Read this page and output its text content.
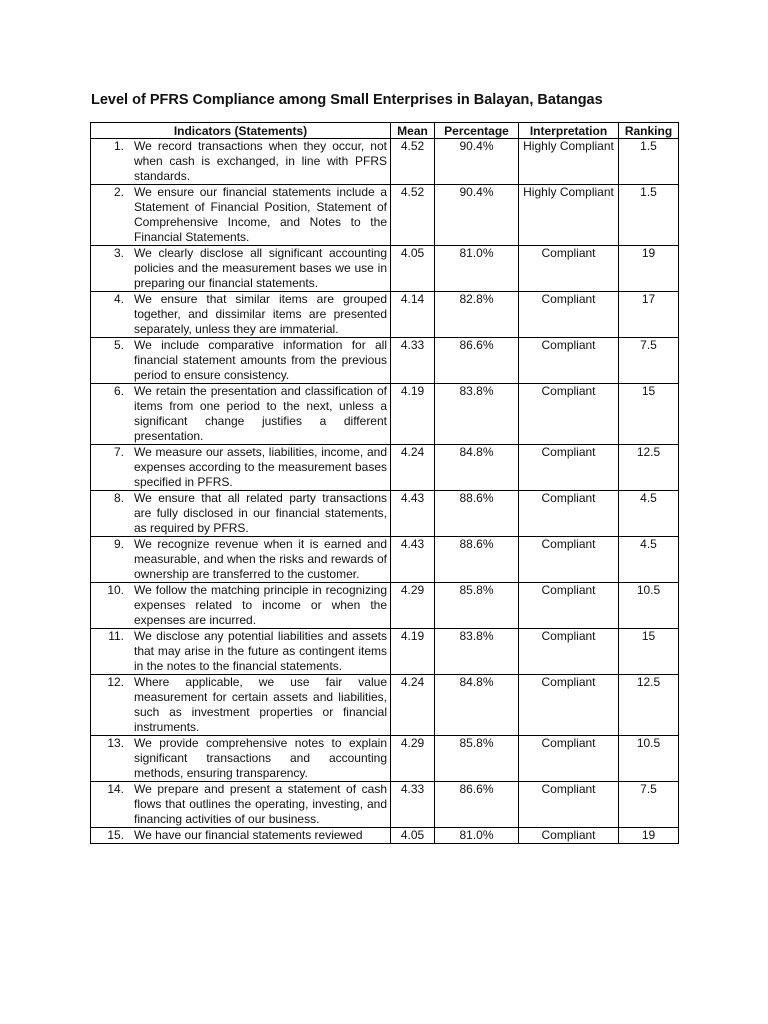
Level of PFRS Compliance among Small Enterprises in Balayan, Batangas
Indicators (Statements)	Mean	Percentage	Interpretation	Ranking

1. We record transactions when they occur, not when cash is exchanged, in line with PFRS standards.	4.52	90.4%	Highly Compliant	1.5

2. We ensure our financial statements include a Statement of Financial Position, Statement of Comprehensive Income, and Notes to the Financial Statements.	4.52	90.4%	Highly Compliant	1.5

3. We clearly disclose all significant accounting policies and the measurement bases we use in preparing our financial statements.	4.05	81.0%	Compliant	19

4. We ensure that similar items are grouped together, and dissimilar items are presented separately, unless they are immaterial.	4.14	82.8%	Compliant	17

5. We include comparative information for all financial statement amounts from the previous period to ensure consistency.	4.33	86.6%	Compliant	7.5

6. We retain the presentation and classification of items from one period to the next, unless a significant change justifies a different presentation.	4.19	83.8%	Compliant	15

7. We measure our assets, liabilities, income, and expenses according to the measurement bases specified in PFRS.	4.24	84.8%	Compliant	12.5

8. We ensure that all related party transactions are fully disclosed in our financial statements, as required by PFRS.	4.43	88.6%	Compliant	4.5

9. We recognize revenue when it is earned and measurable, and when the risks and rewards of ownership are transferred to the customer.	4.43	88.6%	Compliant	4.5

10. We follow the matching principle in recognizing expenses related to income or when the expenses are incurred.	4.29	85.8%	Compliant	10.5

11. We disclose any potential liabilities and assets that may arise in the future as contingent items in the notes to the financial statements.	4.19	83.8%	Compliant	15

12. Where applicable, we use fair value measurement for certain assets and liabilities, such as investment properties or financial instruments.	4.24	84.8%	Compliant	12.5

13. We provide comprehensive notes to explain significant transactions and accounting methods, ensuring transparency.	4.29	85.8%	Compliant	10.5

14. We prepare and present a statement of cash flows that outlines the operating, investing, and financing activities of our business.	4.33	86.6%	Compliant	7.5

15. We have our financial statements reviewed	4.05	81.0%	Compliant	19
